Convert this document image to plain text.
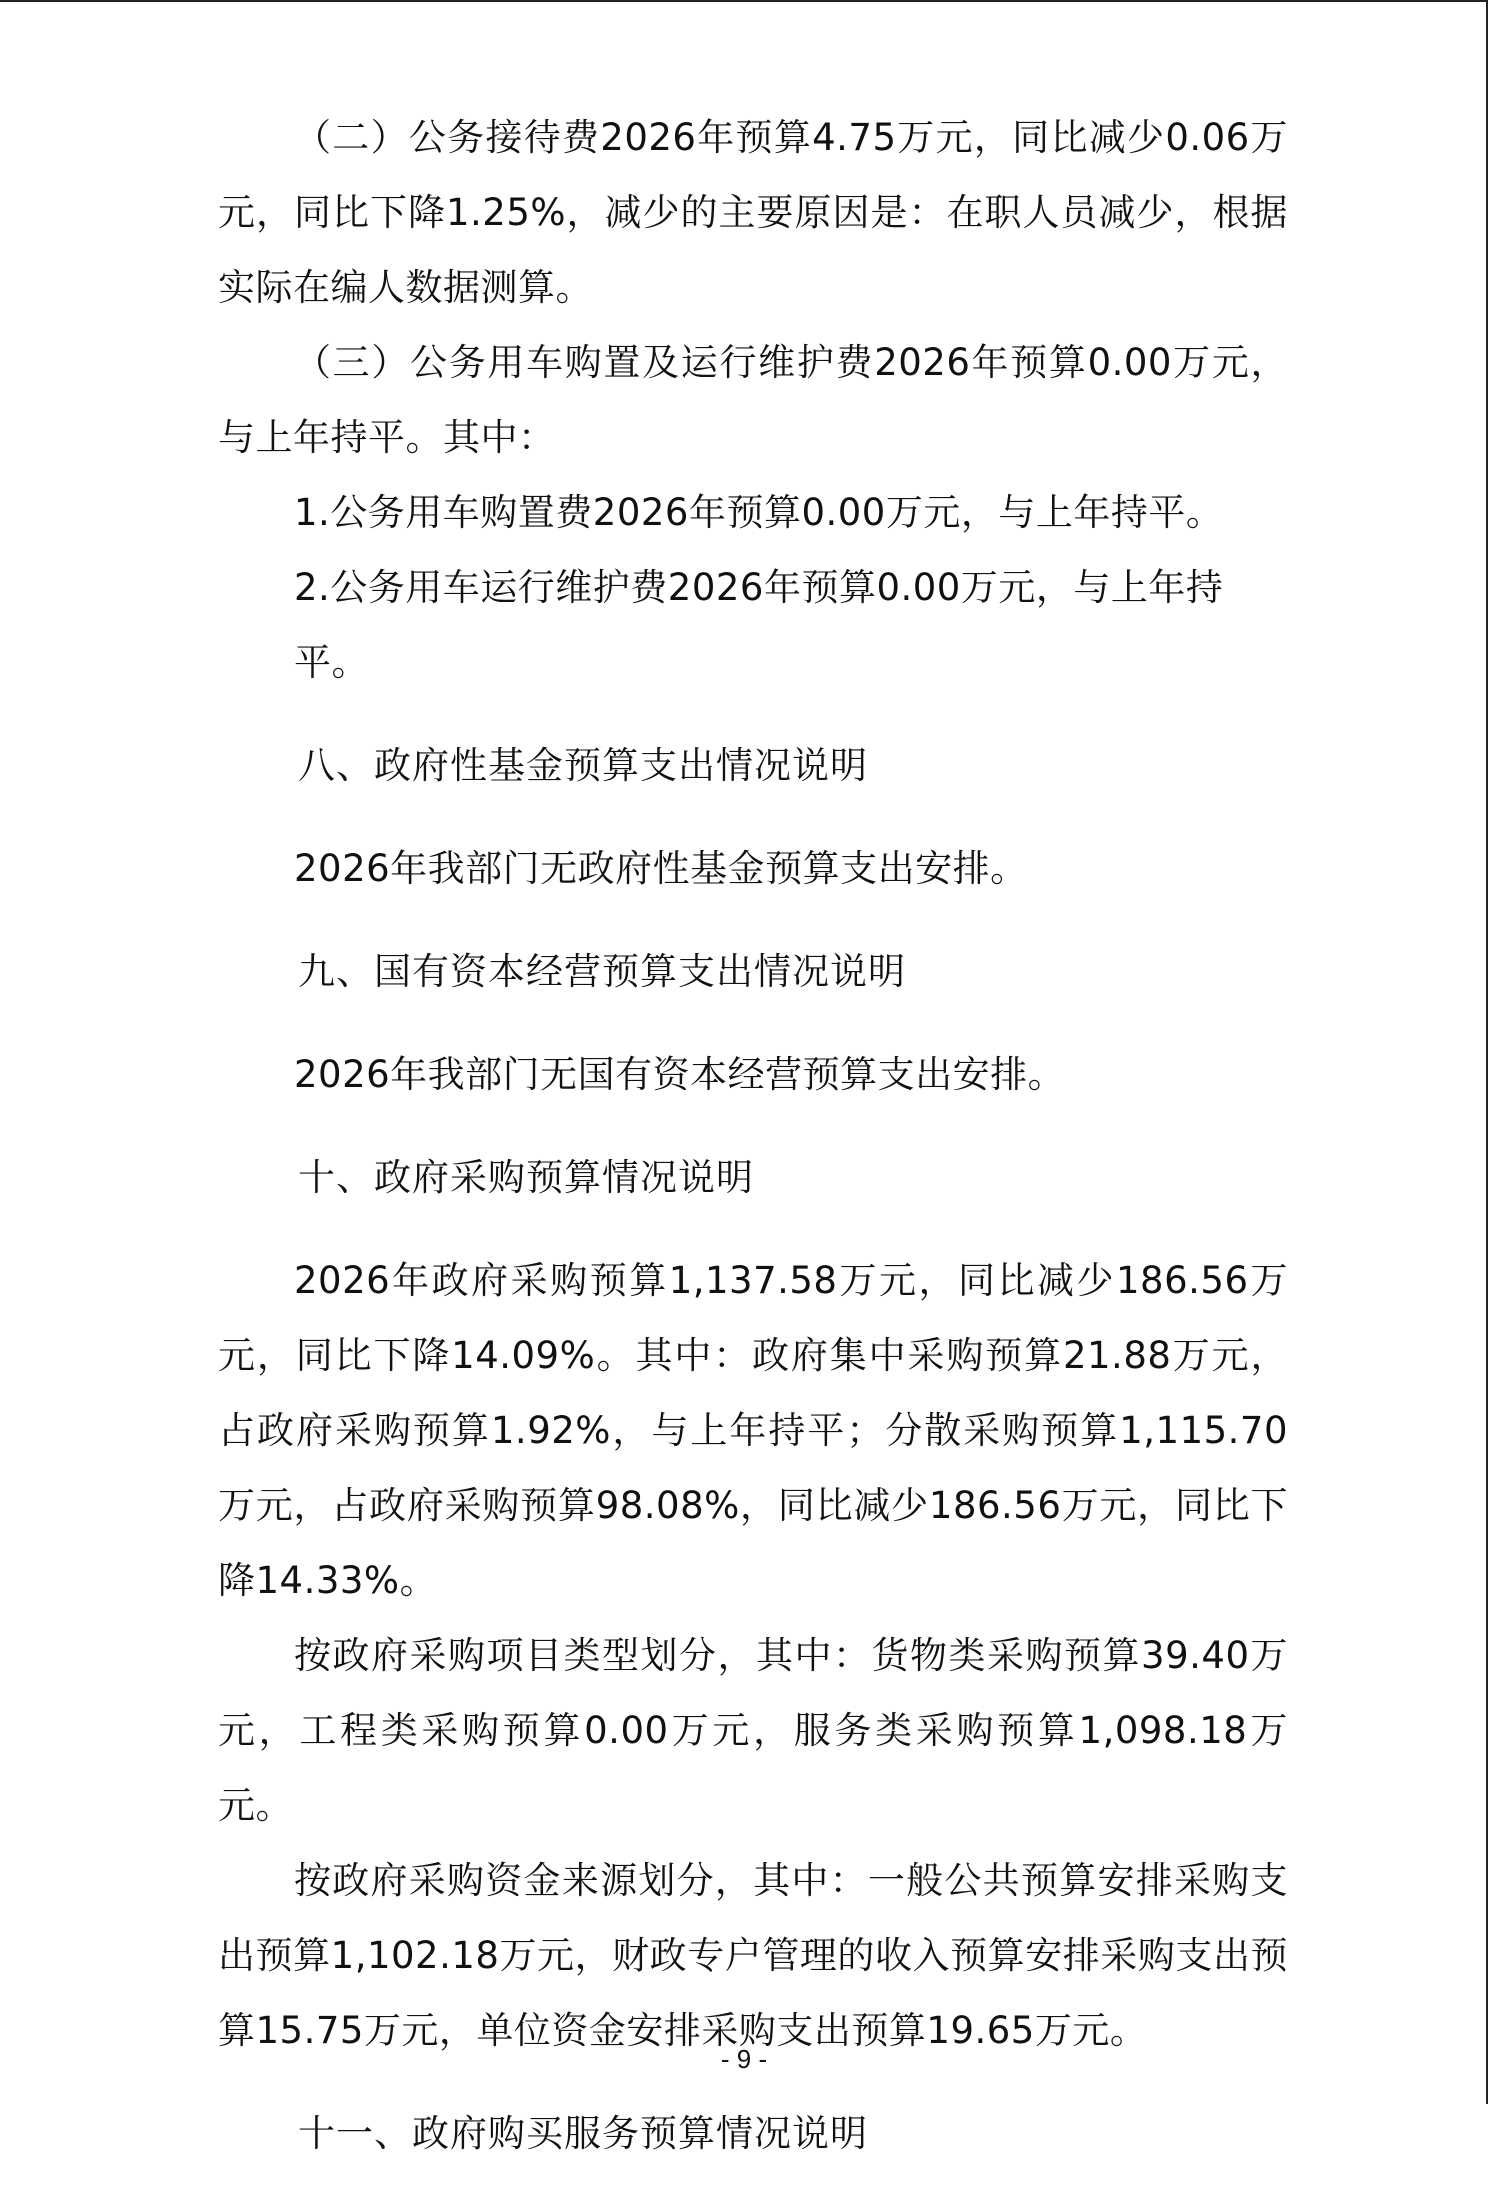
（二）公务接待费2026年预算4.75万元，同比减少0.06万元，同比下降1.25%，减少的主要原因是：在职人员减少，根据实际在编人数据测算。

（三）公务用车购置及运行维护费2026年预算0.00万元，与上年持平。其中：

1.公务用车购置费2026年预算0.00万元，与上年持平。

2.公务用车运行维护费2026年预算0.00万元，与上年持平。

八、政府性基金预算支出情况说明

2026年我部门无政府性基金预算支出安排。

九、国有资本经营预算支出情况说明

2026年我部门无国有资本经营预算支出安排。

十、政府采购预算情况说明

2026年政府采购预算1,137.58万元，同比减少186.56万元，同比下降14.09%。其中：政府集中采购预算21.88万元，占政府采购预算1.92%，与上年持平；分散采购预算1,115.70万元，占政府采购预算98.08%，同比减少186.56万元，同比下降14.33%。

按政府采购项目类型划分，其中：货物类采购预算39.40万元，工程类采购预算0.00万元，服务类采购预算1,098.18万元。

按政府采购资金来源划分，其中：一般公共预算安排采购支出预算1,102.18万元，财政专户管理的收入预算安排采购支出预算15.75万元，单位资金安排采购支出预算19.65万元。

十一、政府购买服务预算情况说明
- 9 -
